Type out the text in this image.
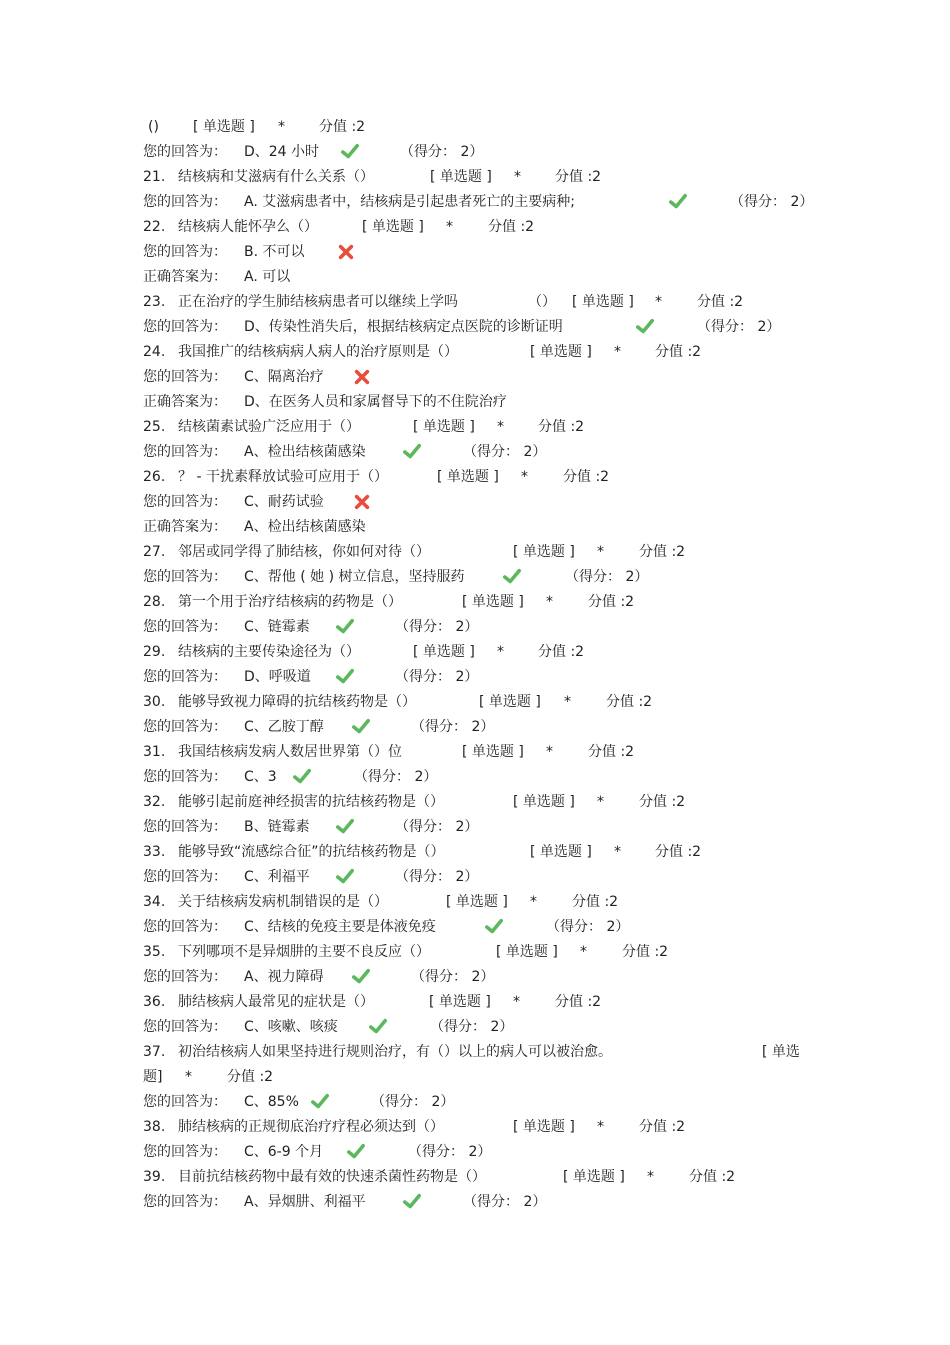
() [ 单选题 ] * 分值 :2
您的回答为： D、24 小时	（得分： 2）
21. 结核病和艾滋病有什么关系（）	[ 单选题 ] * 分值 :2
您的回答为： A. 艾滋病患者中，结核病是引起患者死亡的主要病种;	（得分： 2）
22. 结核病人能怀孕么（）	[ 单选题 ] *	分值 :2
您的回答为： B. 不可以
正确答案为： A. 可以
23. 正在治疗的学生肺结核病患者可以继续上学吗	（） [ 单选题 ] *	分值 :2
您的回答为： D、传染性消失后，根据结核病定点医院的诊断证明	（得分： 2）
24. 我国推广的结核病病人病人的治疗原则是（）	[ 单选题 ] * 分值 :2
您的回答为： C、隔离治疗
正确答案为： D、在医务人员和家属督导下的不住院治疗
25. 结核菌素试验广泛应用于（）	[ 单选题 ] * 分值 :2
您的回答为： A、检出结核菌感染	（得分： 2）
26. ？ - 干扰素释放试验可应用于（）	[ 单选题 ] *	分值 :2
您的回答为： C、耐药试验
正确答案为： A、检出结核菌感染
27. 邻居或同学得了肺结核，你如何对待（）	[ 单选题 ] *	分值 :2
您的回答为： C、帮他 ( 她 ) 树立信息，坚持服药	（得分： 2）
28. 第一个用于治疗结核病的药物是（）	[ 单选题 ] *	分值 :2
您的回答为： C、链霉素	（得分： 2）
29. 结核病的主要传染途径为（）	[ 单选题 ] * 分值 :2
您的回答为： D、呼吸道	（得分： 2）
30. 能够导致视力障碍的抗结核药物是（）	[ 单选题 ] *	分值 :2
您的回答为： C、乙胺丁醇	（得分： 2）
31. 我国结核病发病人数居世界第（）位	[ 单选题 ] *	分值 :2
您的回答为： C、3	（得分： 2）
32. 能够引起前庭神经损害的抗结核药物是（）	[ 单选题 ] *	分值 :2
您的回答为： B、链霉素	（得分： 2）
33. 能够导致“流感综合征”的抗结核药物是（）	[ 单选题 ] * 分值 :2
您的回答为： C、利福平	（得分： 2）
34. 关于结核病发病机制错误的是（）	[ 单选题 ] *	分值 :2
您的回答为： C、结核的免疫主要是体液免疫	（得分： 2）
35. 下列哪项不是异烟肼的主要不良反应（）	[ 单选题 ] *	分值 :2
您的回答为： A、视力障碍	（得分： 2）
36. 肺结核病人最常见的症状是（）	[ 单选题 ] *	分值 :2
您的回答为： C、咳嗽、咳痰	（得分： 2）
37. 初治结核病人如果坚持进行规则治疗，有（）以上的病人可以被治愈。	[ 单选
题] *	分值 :2
您的回答为： C、85%	（得分： 2）
38. 肺结核病的正规彻底治疗疗程必须达到（）	[ 单选题 ] *	分值 :2
您的回答为： C、6-9 个月	（得分： 2）
39. 目前抗结核药物中最有效的快速杀菌性药物是（）	[ 单选题 ] *	分值 :2
您的回答为： A、异烟肼、利福平	（得分： 2）
